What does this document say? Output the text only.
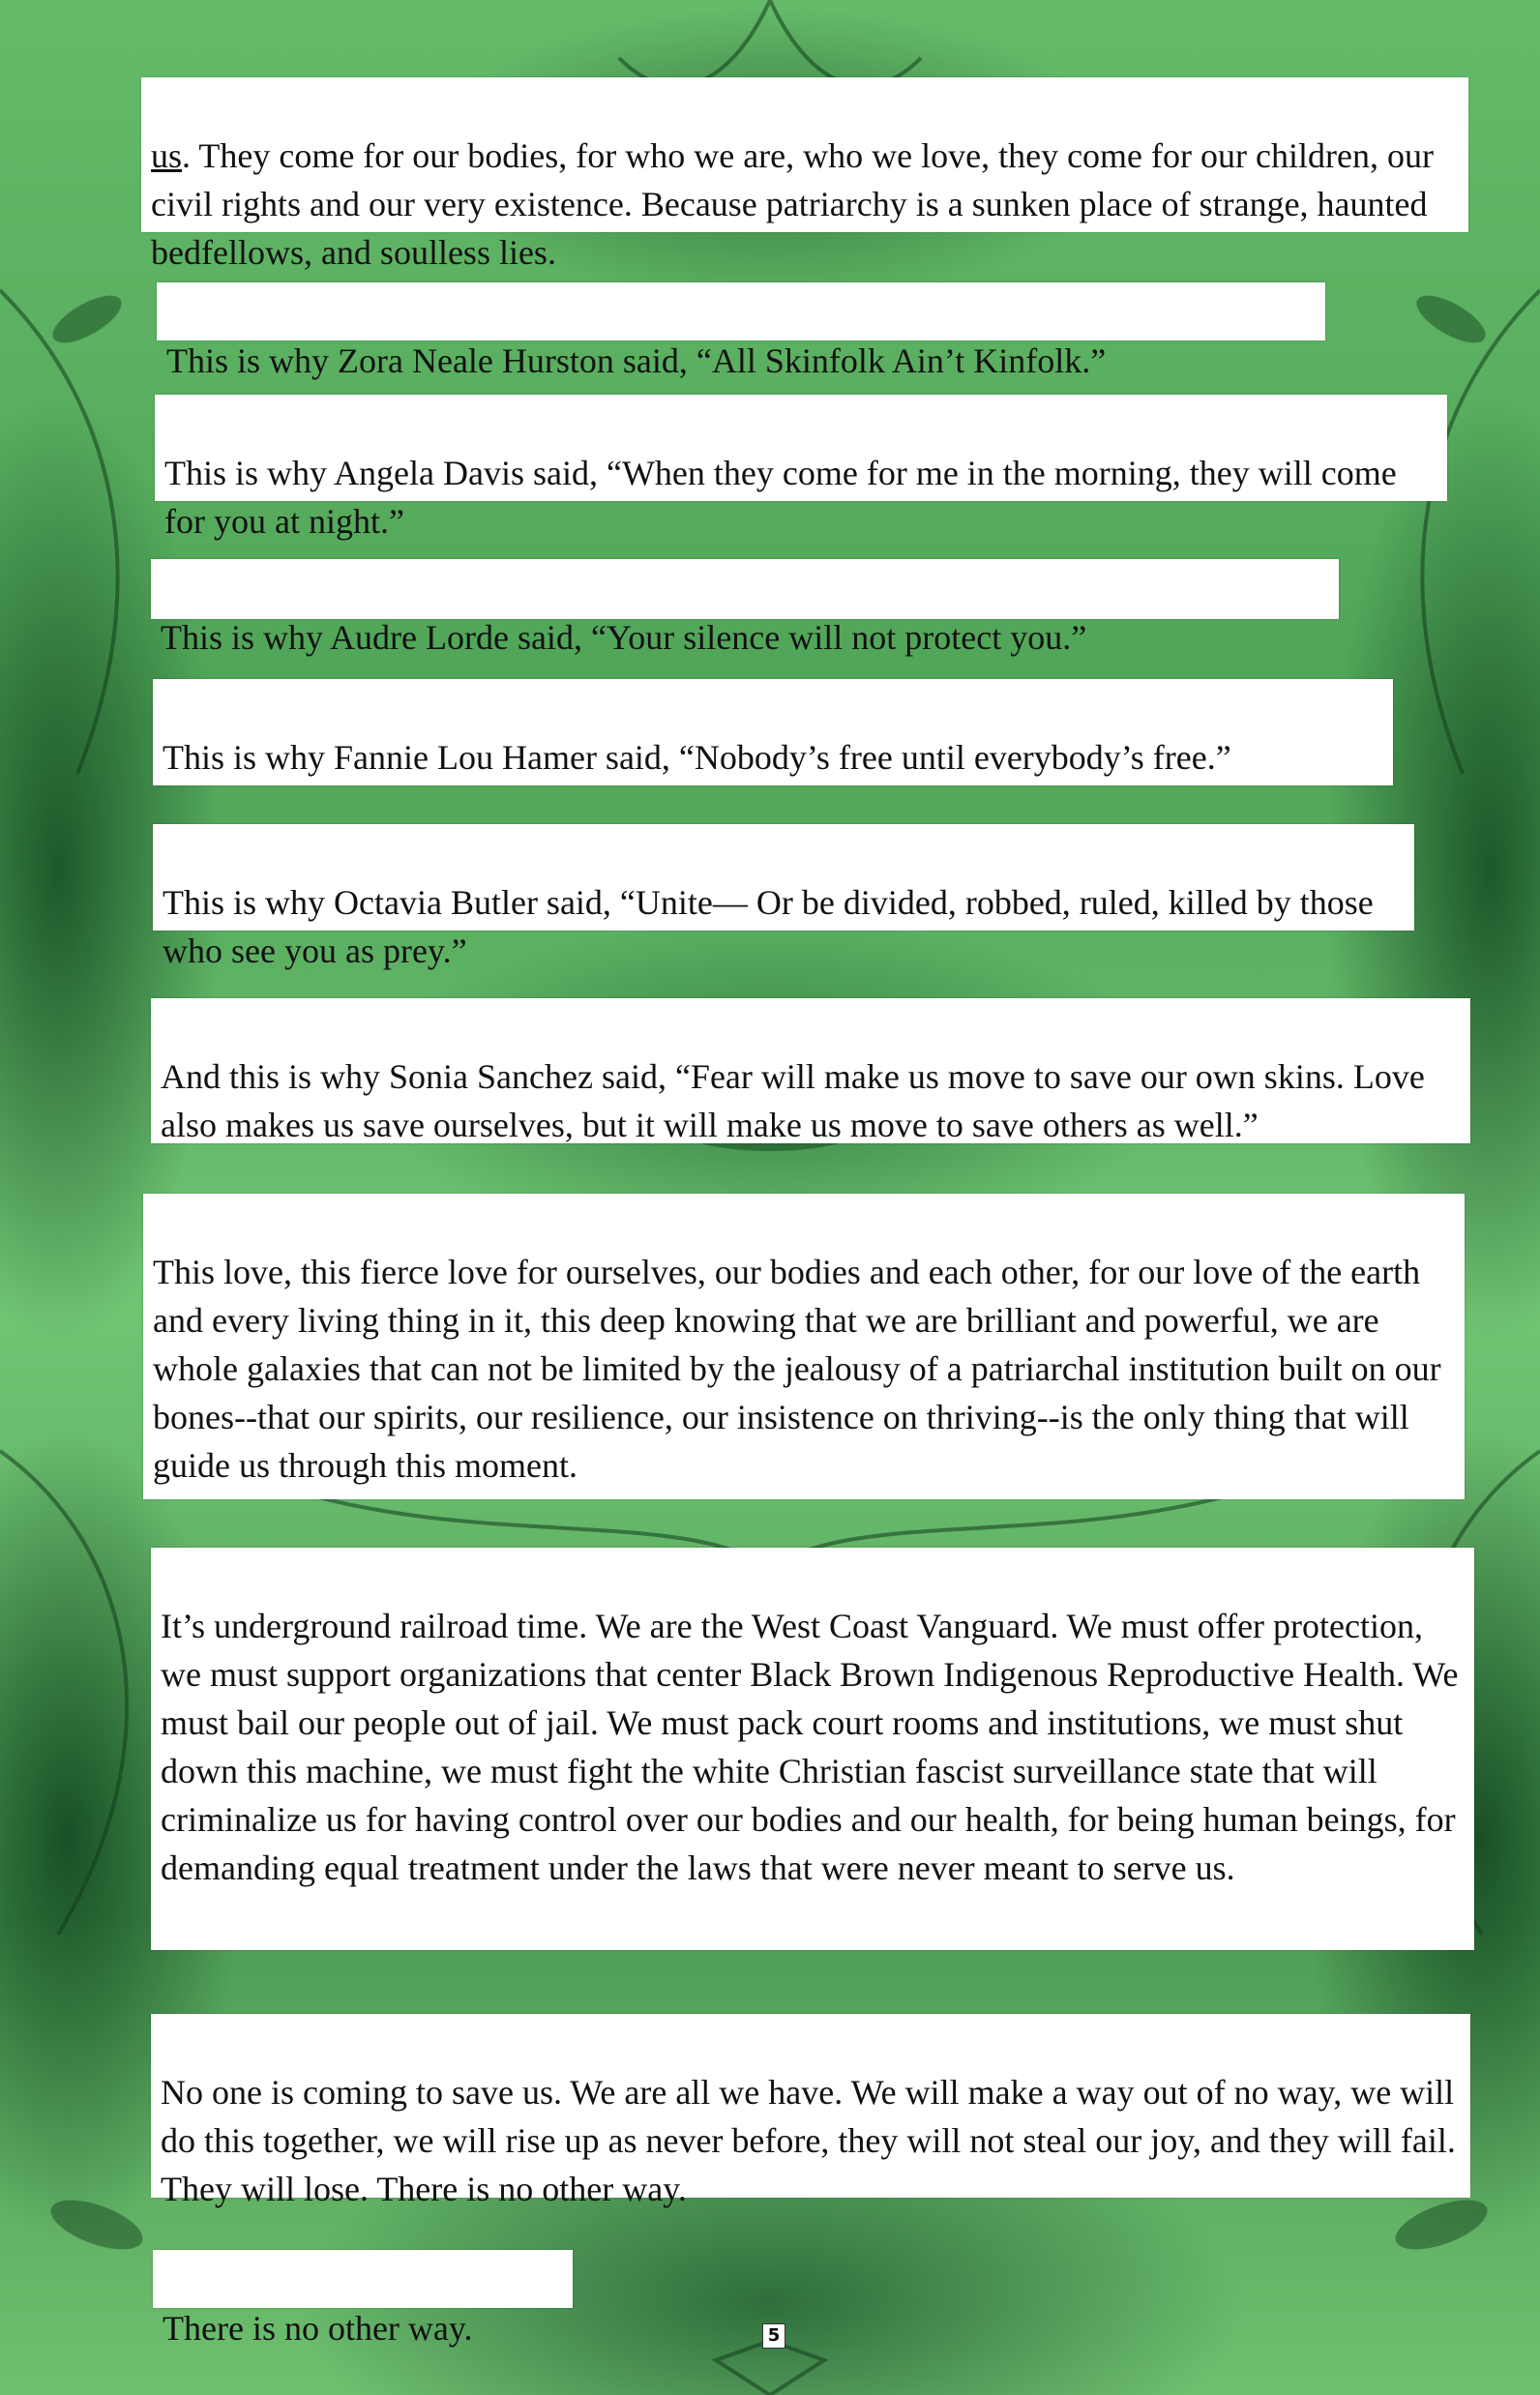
us. They come for our bodies, for who we are, who we love, they come for our children, our civil rights and our very existence. Because patriarchy is a sunken place of strange, haunted bedfellows, and soulless lies.

This is why Zora Neale Hurston said, “All Skinfolk Ain’t Kinfolk.”

This is why Angela Davis said, “When they come for me in the morning, they will come for you at night.”

This is why Audre Lorde said, “Your silence will not protect you.”

This is why Fannie Lou Hamer said, “Nobody’s free until everybody’s free.”

This is why Octavia Butler said, “Unite— Or be divided, robbed, ruled, killed by those who see you as prey.”

And this is why Sonia Sanchez said, “Fear will make us move to save our own skins. Love also makes us save ourselves, but it will make us move to save others as well.”

This love, this fierce love for ourselves, our bodies and each other, for our love of the earth and every living thing in it, this deep knowing that we are brilliant and powerful, we are whole galaxies that can not be limited by the jealousy of a patriarchal institution built on our bones--that our spirits, our resilience, our insistence on thriving--is the only thing that will guide us through this moment.

It’s underground railroad time. We are the West Coast Vanguard. We must offer protection, we must support organizations that center Black Brown Indigenous Reproductive Health. We must bail our people out of jail. We must pack court rooms and institutions, we must shut down this machine, we must fight the white Christian fascist surveillance state that will criminalize us for having control over our bodies and our health, for being human beings, for demanding equal treatment under the laws that were never meant to serve us.

No one is coming to save us. We are all we have. We will make a way out of no way, we will do this together, we will rise up as never before, they will not steal our joy, and they will fail. They will lose. There is no other way.

There is no other way.	5
